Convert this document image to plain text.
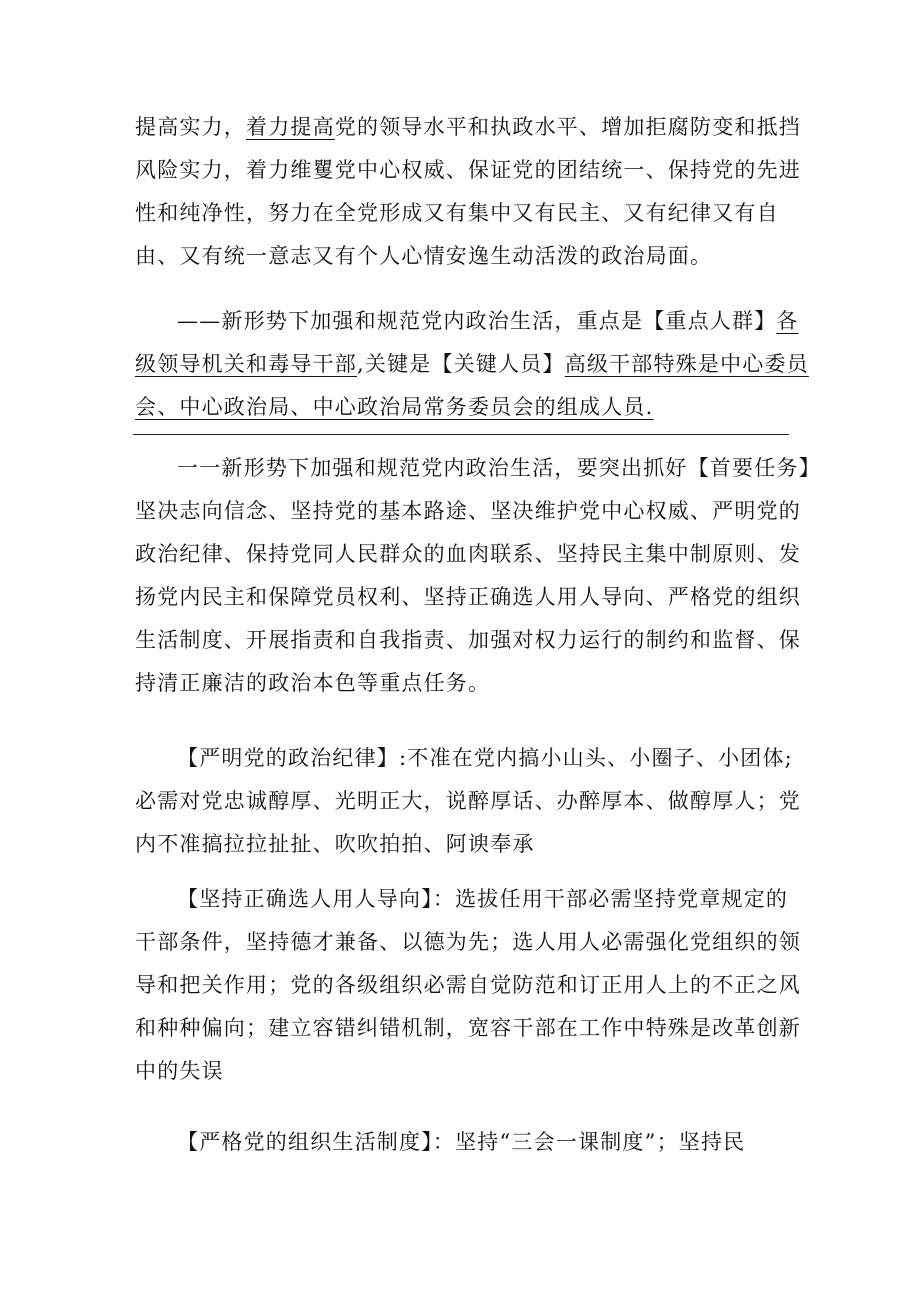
提高实力，着力提高党的领导水平和执政水平、增加拒腐防变和抵挡
风险实力，着力维矍党中心权威、保证党的团结统一、保持党的先进
性和纯净性，努力在全党形成又有集中又有民主、又有纪律又有自
由、又有统一意志又有个人心情安逸生动活泼的政治局面。
——新形势下加强和规范党内政治生活，重点是【重点人群】各
级领导机关和毒导干部,关键是【关键人员】高级干部特殊是中心委员
会、中心政治局、中心政治局常务委员会的组成人员.
一一新形势下加强和规范党内政治生活，要突出抓好【首要任务】
坚决志向信念、坚持党的基本路途、坚决维护党中心权威、严明党的
政治纪律、保持党同人民群众的血肉联系、坚持民主集中制原则、发
扬党内民主和保障党员权利、坚持正确选人用人导向、严格党的组织
生活制度、开展指责和自我指责、加强对权力运行的制约和监督、保
持清正廉洁的政治本色等重点任务。
【严明党的政治纪律】:不准在党内搞小山头、小圈子、小团体;
必需对党忠诚醇厚、光明正大，说醉厚话、办醉厚本、做醇厚人；党
内不准搞拉拉扯扯、吹吹拍拍、阿谀奉承
【坚持正确选人用人导向】：选拔任用干部必需坚持党章规定的
干部条件，坚持德才兼备、以德为先；选人用人必需强化党组织的领
导和把关作用；党的各级组织必需自觉防范和订正用人上的不正之风
和种种偏向；建立容错纠错机制，宽容干部在工作中特殊是改革创新
中的失误
【严格党的组织生活制度】：坚持“三会一课制度”；坚持民
